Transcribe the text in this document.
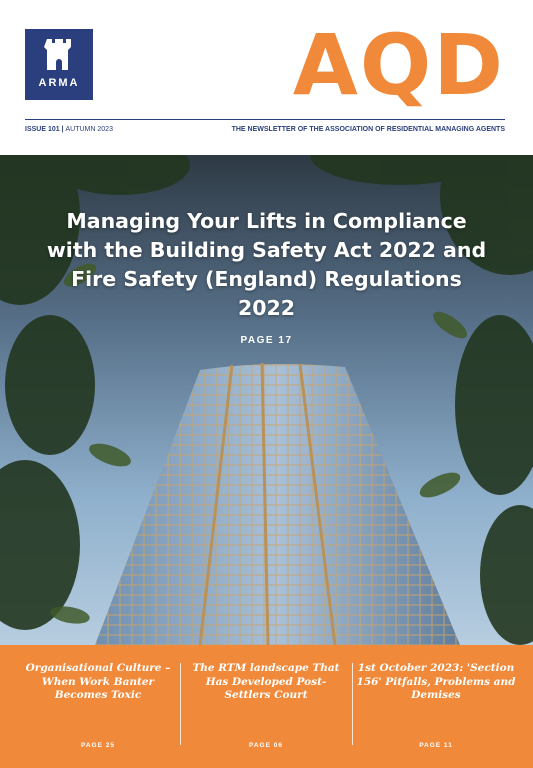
ARMA	AQD
ISSUE 101 | AUTUMN 2023	THE NEWSLETTER OF THE ASSOCIATION OF RESIDENTIAL MANAGING AGENTS
Managing Your Lifts in Compliance with the Building Safety Act 2022 and Fire Safety (England) Regulations 2022
PAGE 17
Organisational Culture – When Work Banter Becomes Toxic
PAGE 25
The RTM landscape That Has Developed Post-Settlers Court
PAGE 06
1st October 2023: 'Section 156' Pitfalls, Problems and Demises
PAGE 11
